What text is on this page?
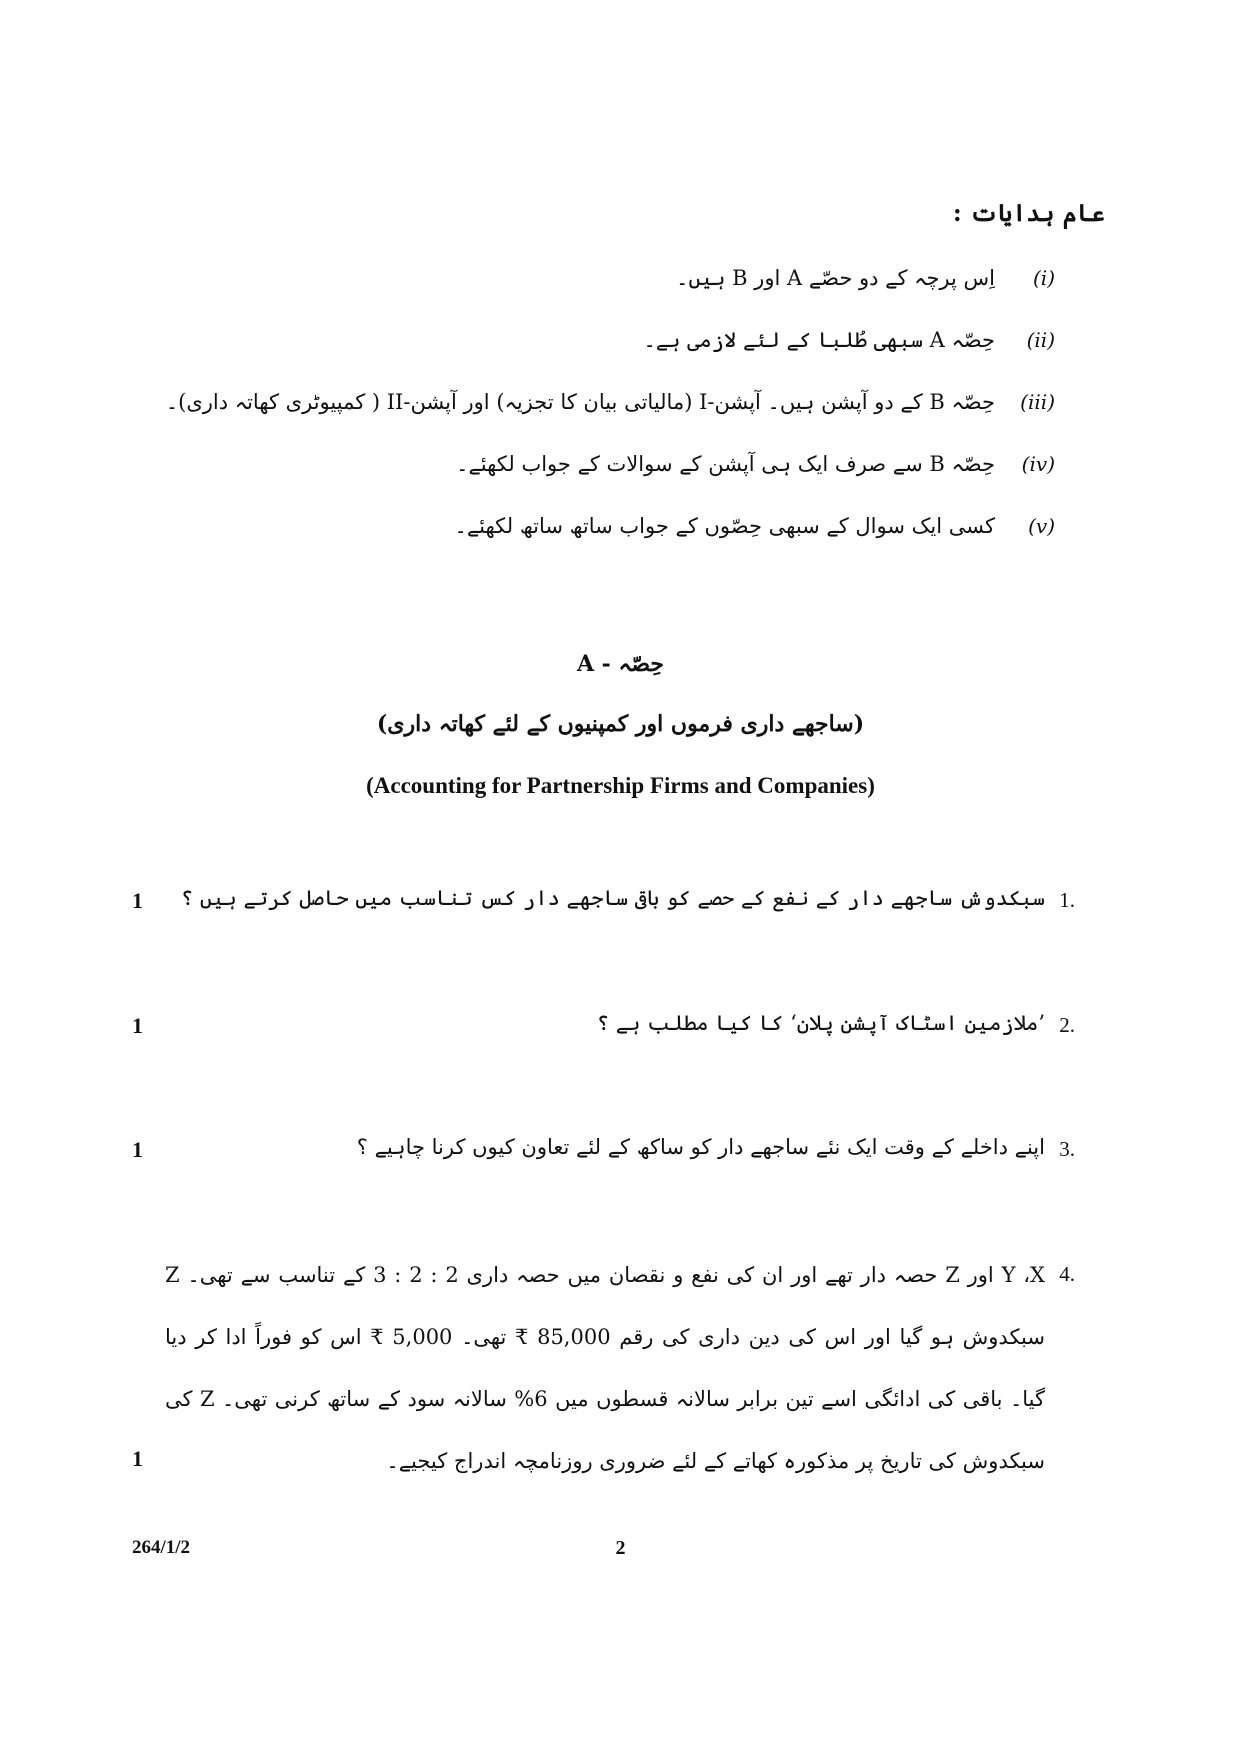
عام ہدایات :
(i)
اِس پرچہ کے دو حصّے A اور B ہیں۔
(ii)
حِصّہ A سبھی طُلبا کے لئے لازمی ہے۔
(iii)
حِصّہ B کے دو آپشن ہیں۔ آپشن-I (مالیاتی بیان کا تجزیہ) اور آپشن-II ( کمپیوٹری کھاتہ داری)۔
(iv)
حِصّہ B سے صرف ایک ہی آپشن کے سوالات کے جواب لکھئے۔
(v)
کسی ایک سوال کے سبھی حِصّوں کے جواب ساتھ ساتھ لکھئے۔
حِصّہ - A
(ساجھے داری فرموں اور کمپنیوں کے لئے کھاتہ داری)
(Accounting for Partnership Firms and Companies)
1.
سبکدوش ساجھے دار کے نفع کے حصے کو باقی ساجھے دار کس تناسب میں حاصل کرتے ہیں ؟
1
2.
’ملازمین اسٹاک آپشن پلان‘ کا کیا مطلب ہے ؟
1
3.
اپنے داخلے کے وقت ایک نئے ساجھے دار کو ساکھ کے لئے تعاون کیوں کرنا چاہیے ؟
1
4.
Y ،X اور Z حصہ دار تھے اور ان کی نفع و نقصان میں حصہ داری 2 : 2 : 3 کے تناسب سے تھی۔ Z سبکدوش ہو گیا اور اس کی دین داری کی رقم 85,000 ₹ تھی۔ 5,000 ₹ اس کو فوراً ادا کر دیا گیا۔ باقی کی ادائگی اسے تین برابر سالانہ قسطوں میں 6% سالانہ سود کے ساتھ کرنی تھی۔ Z کی سبکدوش کی تاریخ پر مذکورہ کھاتے کے لئے ضروری روزنامچہ اندراج کیجیے۔
1
264/1/2	2
